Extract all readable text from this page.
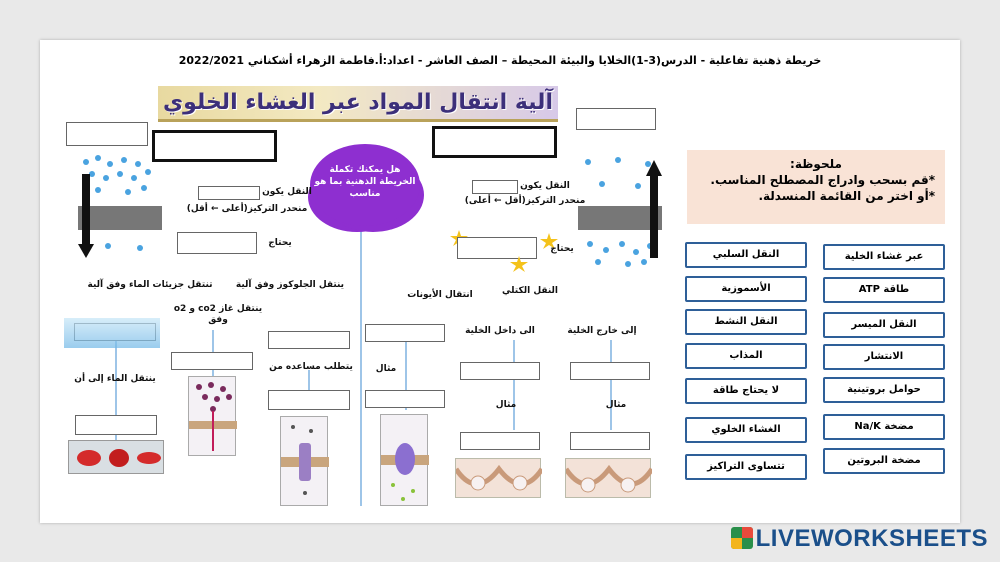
خريطة ذهنية تفاعلية - الدرس(3-1)الخلايا والبيئة المحيطة – الصف العاشر - اعداد:أ.فاطمة الزهراء أشكناني 2022/2021
آلية انتقال المواد عبر الغشاء الخلوي
هل يمكنك تكملة الخريطة الذهنية بما هو مناسب
النقل يكون
منحدر التركيز(أعلى ← أقل)
يحتاج
تنتقل جزيئات الماء وفق آلية
ينتقل غاز co2 و o2 وفق
ينتقل الجلوكوز وفق آلية
ينتقل الماء إلى أن
يتطلب مساعده من
النقل يكون
منحدر التركيز(أقل ← أعلى)
يحتاج
انتقال الأيونات	النقل الكتلي
الى داخل الخلية	إلى خارج الخلية
مثال
مثال	مثال
ملحوظة:
*قم بسحب وادراج المصطلح المناسب.
*أو اختر من القائمة المنسدلة.
عبر غشاء الخلية
طاقة ATP
النقل الميسر
الانتشار
حوامل بروتينية
مضخة Na/K
مضخة البروتين
النقل السلبي
الأسموزية
النقل النشط
المذاب
لا يحتاج طاقة
الغشاء الخلوي
تتساوى التراكيز
LIVEWORKSHEETS
